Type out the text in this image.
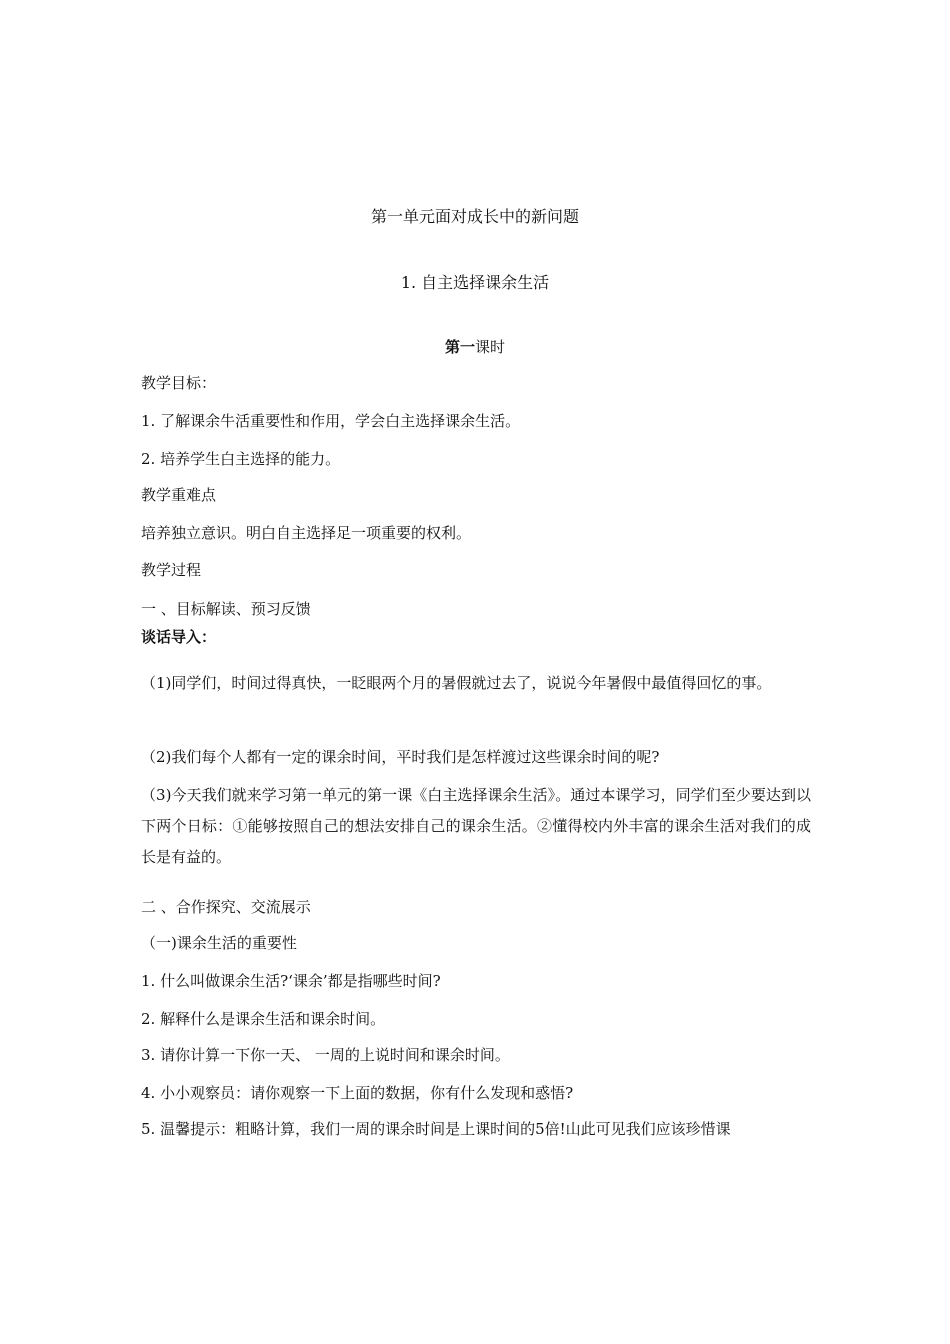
第一单元面对成长中的新问题
1. 自主选择课余生活
第一课时
教学目标：
1. 了解课余牛活重要性和作用，学会白主选择课余生活。
2. 培养学生白主选择的能力。
教学重难点
培养独立意识。明白自主选择足一项重要的权利。
教学过程
一 、目标解读、预习反馈
谈话导入：
（1)同学们，时间过得真快，一眨眼两个月的暑假就过去了，说说今年暑假中最值得回忆的事。
（2)我们每个人都有一定的课余时间，平时我们是怎样渡过这些课余时间的呢?
（3)今天我们就来学习第一单元的第一课《白主选择课余生活》。通过本课学习，同学们至少要达到以下两个日标：①能够按照自己的想法安排自己的课余生活。②懂得校内外丰富的课余生活对我们的成长是有益的。
二 、合作探究、交流展示
（一)课余生活的重要性
1. 什么叫做课余生活?‘课余’都是指哪些时间?
2. 解释什么是课余生活和课余时间。
3. 请你计算一下你一天、 一周的上说时间和课余时间。
4. 小小观察员：请你观察一下上面的数据，你有什么发现和惑悟?
5. 温馨提示：粗略计算，我们一周的课余时间是上课时间的5倍!山此可见我们应该珍惜课
